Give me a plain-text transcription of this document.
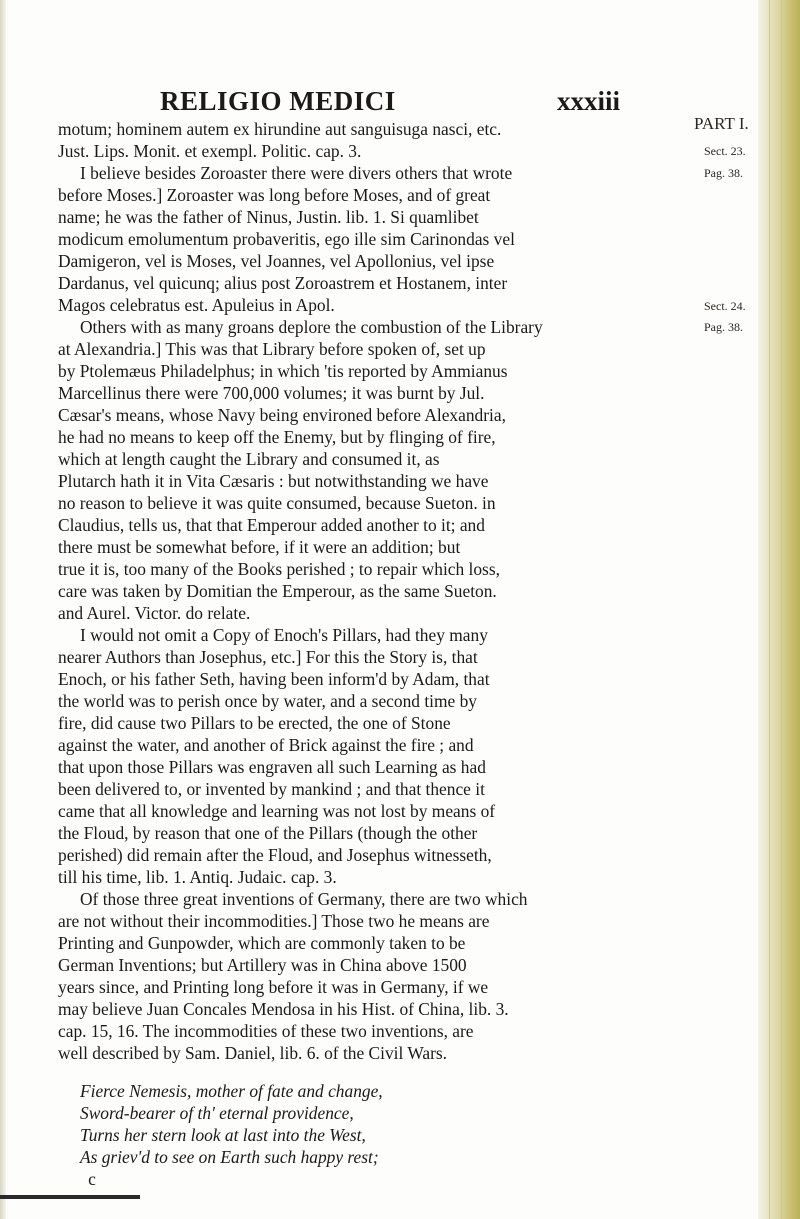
RELIGIO MEDICI	xxxiii
PART I.
Sect. 23.
Pag. 38.
Sect. 24.
Pag. 38.
motum; hominem autem ex hirundine aut sanguisuga nasci, etc.
Just. Lips. Monit. et exempl. Politic. cap. 3.
I believe besides Zoroaster there were divers others that wrote
before Moses.] Zoroaster was long before Moses, and of great
name; he was the father of Ninus, Justin. lib. 1. Si quamlibet
modicum emolumentum probaveritis, ego ille sim Carinondas vel
Damigeron, vel is Moses, vel Joannes, vel Apollonius, vel ipse
Dardanus, vel quicunq; alius post Zoroastrem et Hostanem, inter
Magos celebratus est. Apuleius in Apol.
Others with as many groans deplore the combustion of the Library
at Alexandria.] This was that Library before spoken of, set up
by Ptolemæus Philadelphus; in which 'tis reported by Ammianus
Marcellinus there were 700,000 volumes; it was burnt by Jul.
Cæsar's means, whose Navy being environed before Alexandria,
he had no means to keep off the Enemy, but by flinging of fire,
which at length caught the Library and consumed it, as
Plutarch hath it in Vita Cæsaris : but notwithstanding we have
no reason to believe it was quite consumed, because Sueton. in
Claudius, tells us, that that Emperour added another to it; and
there must be somewhat before, if it were an addition; but
true it is, too many of the Books perished ; to repair which loss,
care was taken by Domitian the Emperour, as the same Sueton.
and Aurel. Victor. do relate.
I would not omit a Copy of Enoch's Pillars, had they many
nearer Authors than Josephus, etc.] For this the Story is, that
Enoch, or his father Seth, having been inform'd by Adam, that
the world was to perish once by water, and a second time by
fire, did cause two Pillars to be erected, the one of Stone
against the water, and another of Brick against the fire ; and
that upon those Pillars was engraven all such Learning as had
been delivered to, or invented by mankind ; and that thence it
came that all knowledge and learning was not lost by means of
the Floud, by reason that one of the Pillars (though the other
perished) did remain after the Floud, and Josephus witnesseth,
till his time, lib. 1. Antiq. Judaic. cap. 3.
Of those three great inventions of Germany, there are two which
are not without their incommodities.] Those two he means are
Printing and Gunpowder, which are commonly taken to be
German Inventions; but Artillery was in China above 1500
years since, and Printing long before it was in Germany, if we
may believe Juan Concales Mendosa in his Hist. of China, lib. 3.
cap. 15, 16. The incommodities of these two inventions, are
well described by Sam. Daniel, lib. 6. of the Civil Wars.
Fierce Nemesis, mother of fate and change,
Sword-bearer of th' eternal providence,
Turns her stern look at last into the West,
As griev'd to see on Earth such happy rest;
c
